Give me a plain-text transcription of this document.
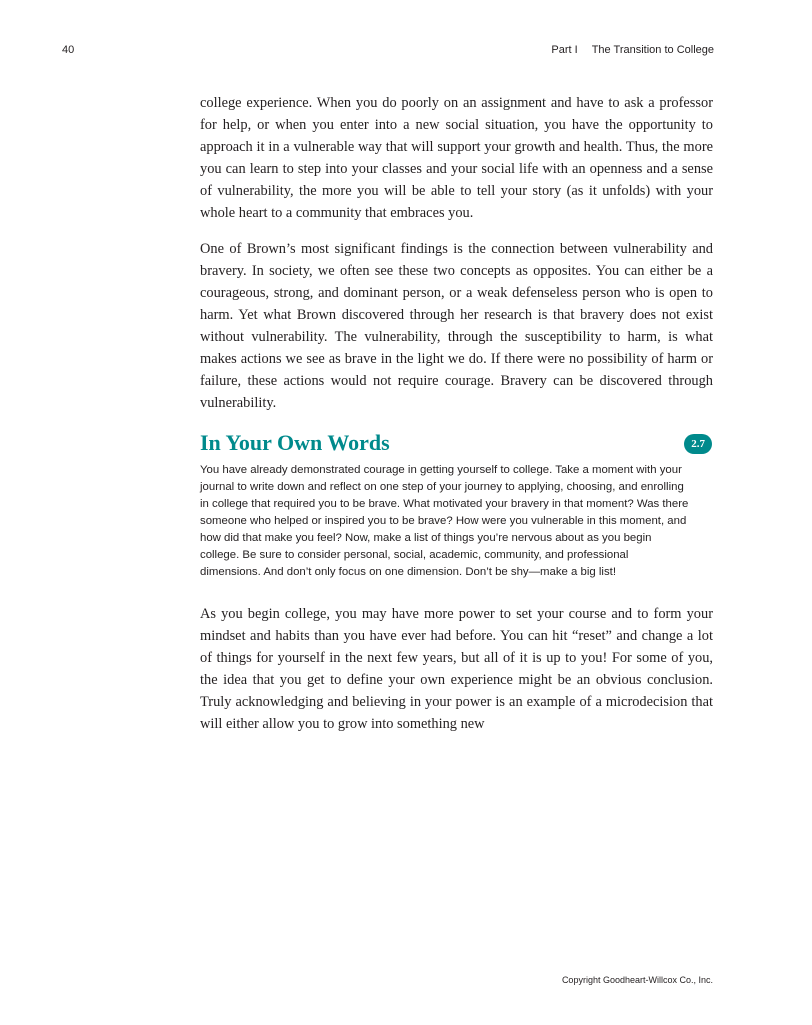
40	Part I The Transition to College

college experience. When you do poorly on an assignment and have to ask a professor for help, or when you enter into a new social situation, you have the opportunity to approach it in a vulnerable way that will support your growth and health. Thus, the more you can learn to step into your classes and your social life with an openness and a sense of vulnerability, the more you will be able to tell your story (as it unfolds) with your whole heart to a community that embraces you.

One of Brown’s most significant findings is the connection between vulnerability and bravery. In society, we often see these two concepts as opposites. You can either be a courageous, strong, and dominant person, or a weak defenseless person who is open to harm. Yet what Brown discovered through her research is that bravery does not exist without vulnerability. The vulnerability, through the susceptibility to harm, is what makes actions we see as brave in the light we do. If there were no possibility of harm or failure, these actions would not require courage. Bravery can be discovered through vulnerability.

In Your Own Words	2.7

You have already demonstrated courage in getting yourself to college. Take a moment with your journal to write down and reflect on one step of your journey to applying, choosing, and enrolling in college that required you to be brave. What motivated your bravery in that moment? Was there someone who helped or inspired you to be brave? How were you vulnerable in this moment, and how did that make you feel? Now, make a list of things you’re nervous about as you begin college. Be sure to consider personal, social, academic, community, and professional dimensions. And don’t only focus on one dimension. Don’t be shy—make a big list!

As you begin college, you may have more power to set your course and to form your mindset and habits than you have ever had before. You can hit “reset” and change a lot of things for yourself in the next few years, but all of it is up to you! For some of you, the idea that you get to define your own experience might be an obvious conclusion. Truly acknowledging and believing in your power is an example of a microdecision that will either allow you to grow into something new

Copyright Goodheart-Willcox Co., Inc.
